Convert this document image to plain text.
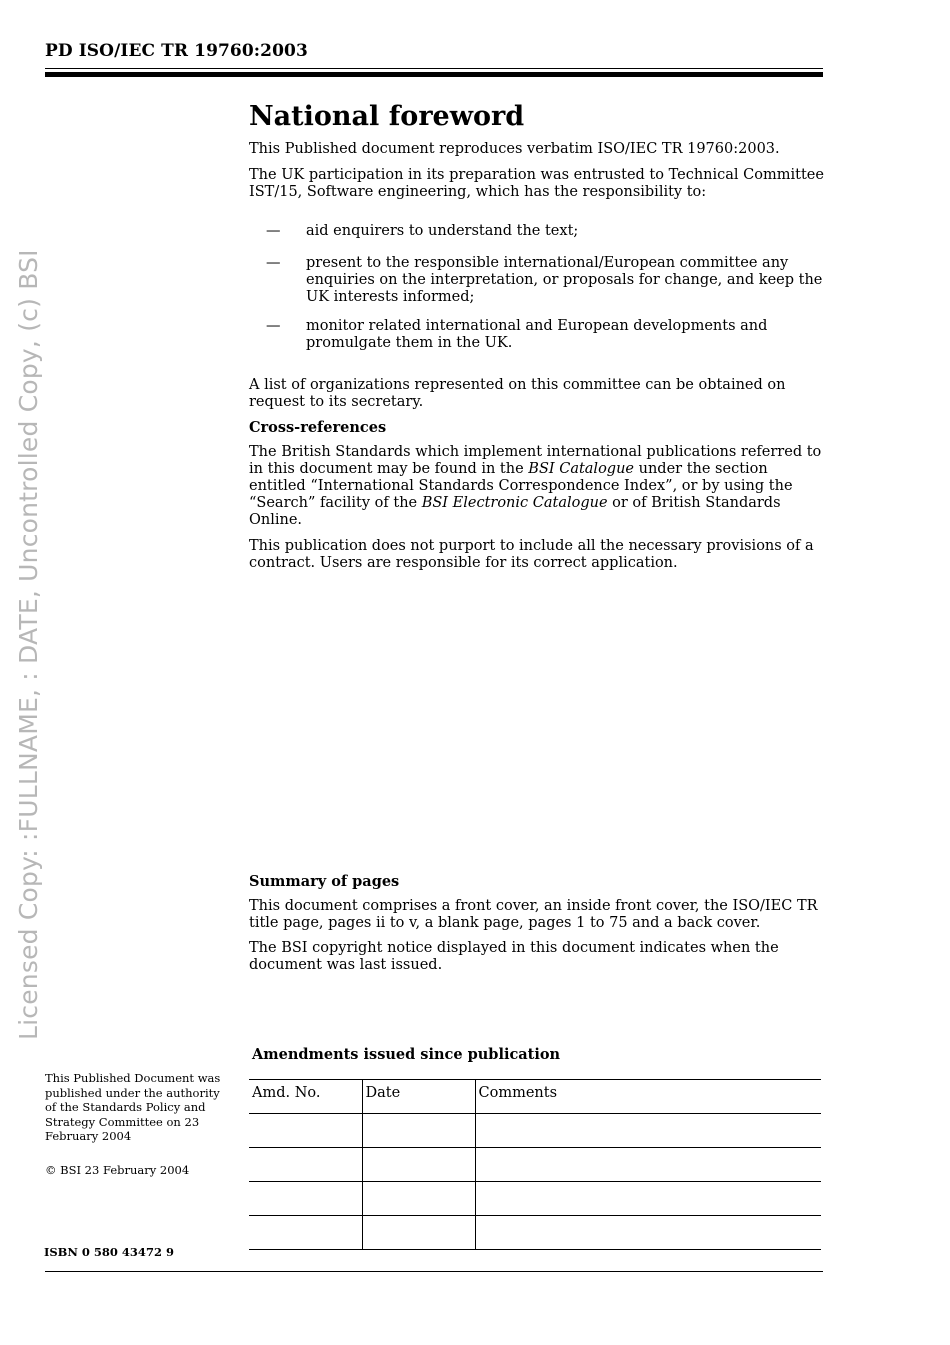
PD ISO/IEC TR 19760:2003
Licensed Copy: :FULLNAME, : DATE, Uncontrolled Copy, (c) BSI
National foreword

This Published document reproduces verbatim ISO/IEC TR 19760:2003.

The UK participation in its preparation was entrusted to Technical Committee IST/15, Software engineering, which has the responsibility to:

— aid enquirers to understand the text;
— present to the responsible international/European committee any enquiries on the interpretation, or proposals for change, and keep the UK interests informed;
— monitor related international and European developments and promulgate them in the UK.

A list of organizations represented on this committee can be obtained on request to its secretary.

Cross-references

The British Standards which implement international publications referred to in this document may be found in the BSI Catalogue under the section entitled “International Standards Correspondence Index”, or by using the “Search” facility of the BSI Electronic Catalogue or of British Standards Online.

This publication does not purport to include all the necessary provisions of a contract. Users are responsible for its correct application.

Summary of pages

This document comprises a front cover, an inside front cover, the ISO/IEC TR title page, pages ii to v, a blank page, pages 1 to 75 and a back cover.

The BSI copyright notice displayed in this document indicates when the document was last issued.

This Published Document was published under the authority of the Standards Policy and Strategy Committee on 23 February 2004
© BSI 23 February 2004
ISBN 0 580 43472 9
Amendments issued since publication
Amd. No.	Date	Comments
